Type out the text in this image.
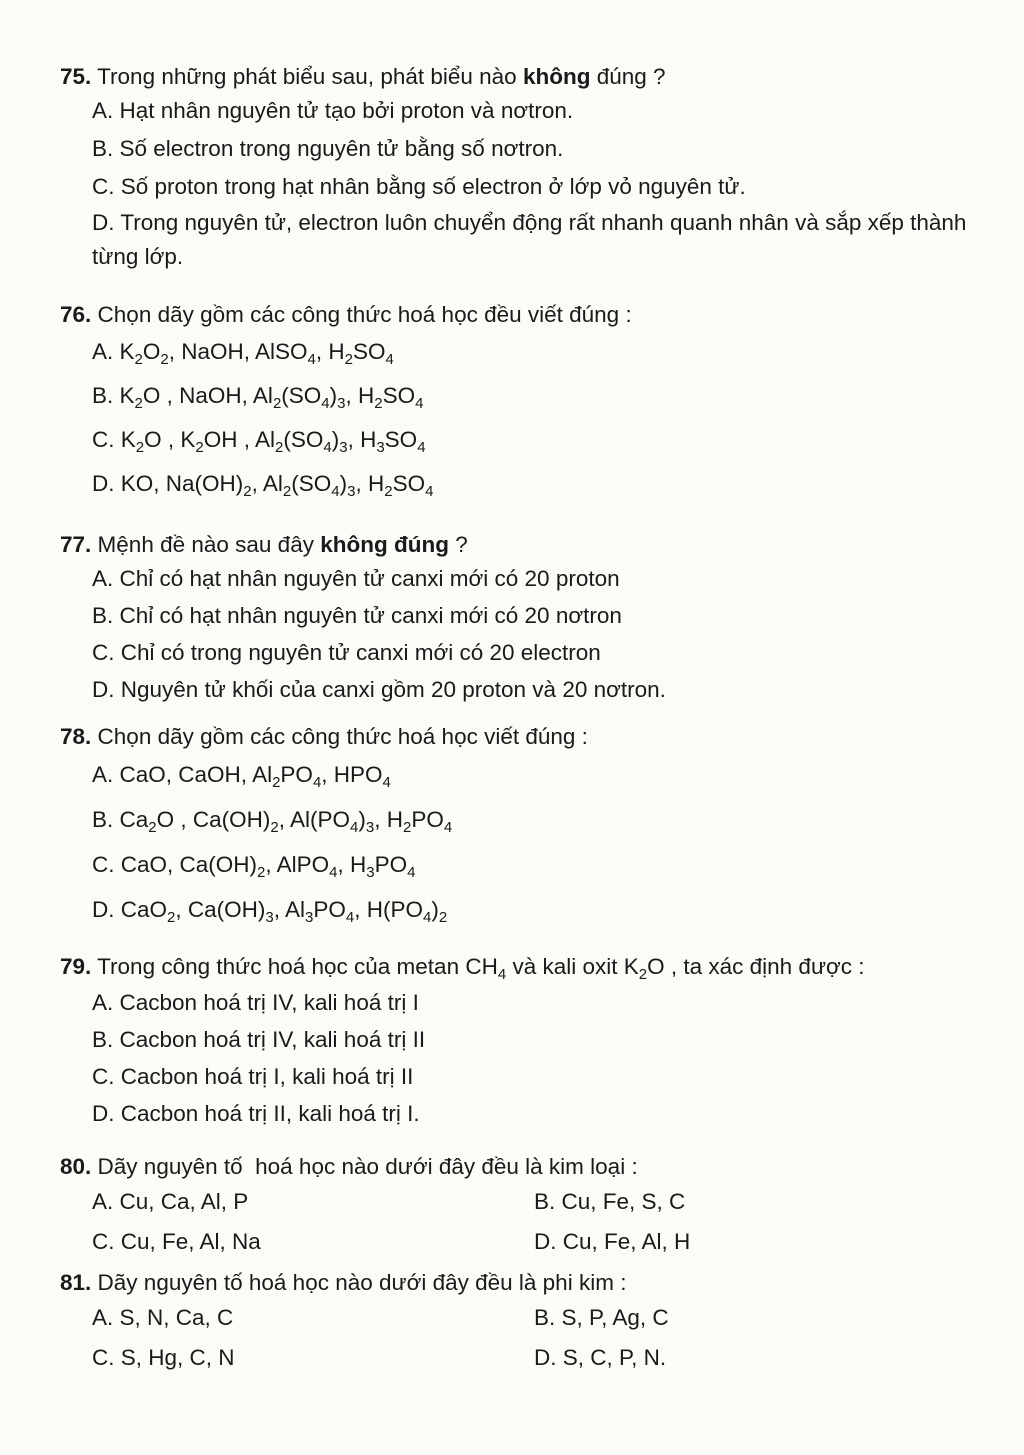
75. Trong những phát biểu sau, phát biểu nào không đúng ?
A. Hạt nhân nguyên tử tạo bởi proton và nơtron.
B. Số electron trong nguyên tử bằng số nơtron.
C. Số proton trong hạt nhân bằng số electron ở lớp vỏ nguyên tử.
D. Trong nguyên tử, electron luôn chuyển động rất nhanh quanh nhân và sắp xếp thành từng lớp.
76. Chọn dãy gồm các công thức hoá học đều viết đúng :
A. $K_2O_2$, NaOH, AlSO$_4$, $H_2SO_4$
B. $K_2O$ , NaOH, $Al_2(SO_4)_3$, $H_2SO_4$
C. $K_2O$ , $K_2OH$ , $Al_2(SO_4)_3$, $H_3SO_4$
D. KO, $Na(OH)_2$, $Al_2(SO_4)_3$, $H_2SO_4$
77. Mệnh đề nào sau đây không đúng ?
A. Chỉ có hạt nhân nguyên tử canxi mới có 20 proton
B. Chỉ có hạt nhân nguyên tử canxi mới có 20 nơtron
C. Chỉ có trong nguyên tử canxi mới có 20 electron
D. Nguyên tử khối của canxi gồm 20 proton và 20 nơtron.
78. Chọn dãy gồm các công thức hoá học viết đúng :
A. CaO, CaOH, $Al_2PO_4$, $HPO_4$
B. $Ca_2O$ , $Ca(OH)_2$, $Al(PO_4)_3$, $H_2PO_4$
C. CaO, $Ca(OH)_2$, AlPO$_4$, $H_3PO_4$
D. CaO$_2$, $Ca(OH)_3$, $Al_3PO_4$, $H(PO_4)_2$
79. Trong công thức hoá học của metan $CH_4$ và kali oxit $K_2O$ , ta xác định được :
A. Cacbon hoá trị IV, kali hoá trị I
B. Cacbon hoá trị IV, kali hoá trị II
C. Cacbon hoá trị I, kali hoá trị II
D. Cacbon hoá trị II, kali hoá trị I.
80. Dãy nguyên tố  hoá học nào dưới đây đều là kim loại :
A. Cu, Ca, Al, P	B. Cu, Fe, S, C
C. Cu, Fe, Al, Na	D. Cu, Fe, Al, H
81. Dãy nguyên tố hoá học nào dưới đây đều là phi kim :
A. S, N, Ca, C	B. S, P, Ag, C
C. S, Hg, C, N	D. S, C, P, N.
